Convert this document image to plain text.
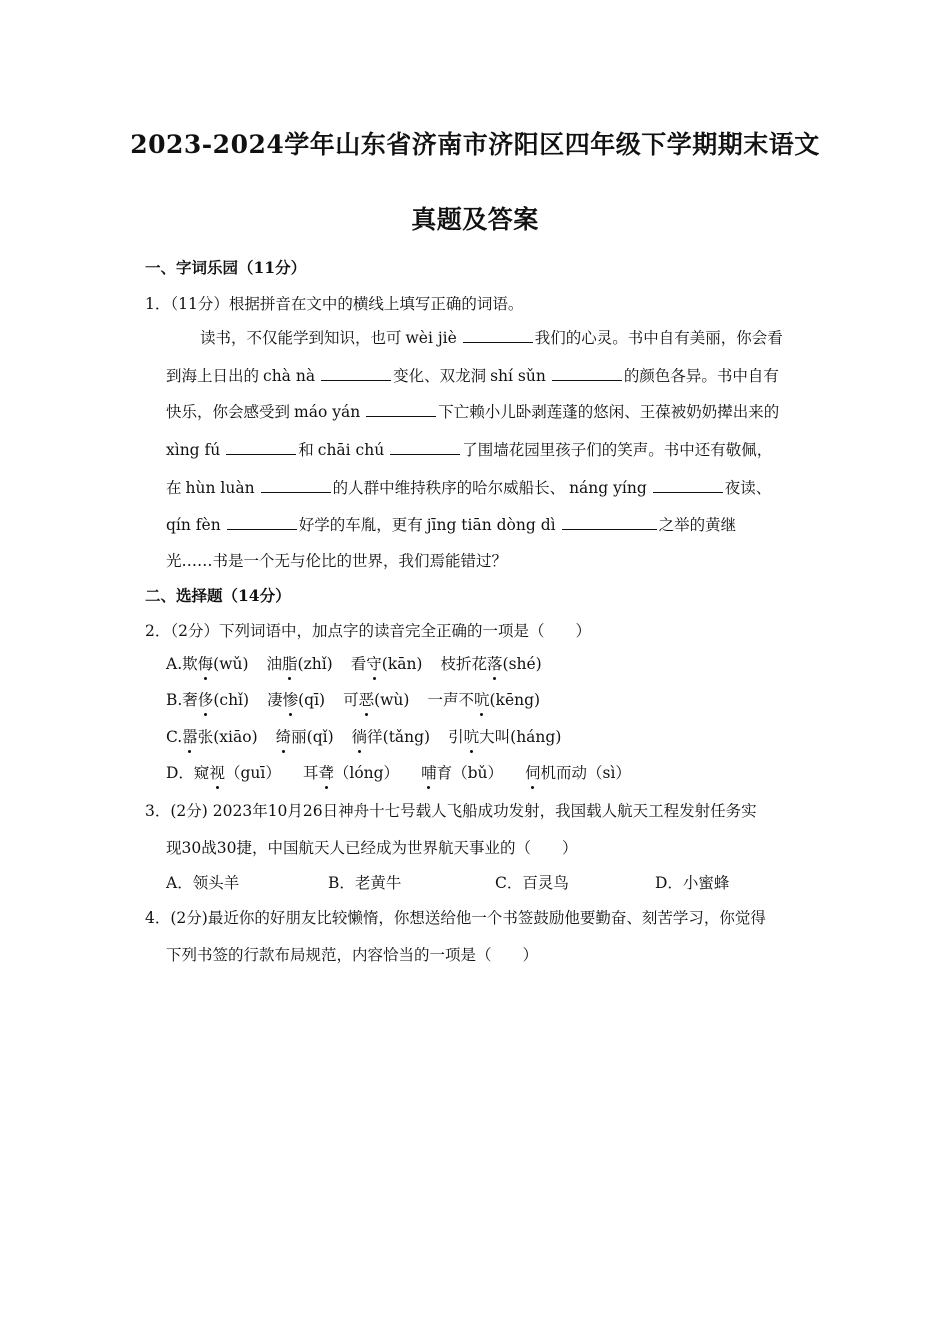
2023-2024学年山东省济南市济阳区四年级下学期期末语文
真题及答案
一、字词乐园（11分）
1．（11分）根据拼音在文中的横线上填写正确的词语。
读书，不仅能学到知识，也可 wèi jiè	我们的心灵。书中自有美丽，你会看
到海上日出的 chà nà	变化、双龙洞 shí sǔn	的颜色各异。书中自有
快乐，你会感受到 máo yán	下亡赖小儿卧剥莲蓬的悠闲、王葆被奶奶撵出来的
xìng fú	和 chāi chú	了围墙花园里孩子们的笑声。书中还有敬佩，
在 hùn luàn	的人群中维持秩序的哈尔威船长、 náng yíng	夜读、
qín fèn	好学的车胤，更有 jīng tiān dòng dì	之举的黄继
光……书是一个无与伦比的世界，我们焉能错过？
二、选择题（14分）
2．（2分）下列词语中，加点字的读音完全正确的一项是（　　）
A.欺侮(wǔ) 油脂(zhǐ) 看守(kān) 枝折花落(shé)
B.奢侈(chǐ) 凄惨(qī) 可恶(wù) 一声不吭(kēng)
C.嚣张(xiāo) 绮丽(qǐ) 徜徉(tǎng) 引吭大叫(háng)
D．窥视（guī） 耳聋（lóng） 哺育（bǔ） 伺机而动（sì）
3．(2分) 2023年10月26日神舟十七号载人飞船成功发射，我国载人航天工程发射任务实
现30战30捷，中国航天人已经成为世界航天事业的（　　）
A．领头羊	B．老黄牛	C．百灵鸟	D．小蜜蜂
4．(2分)最近你的好朋友比较懒惰，你想送给他一个书签鼓励他要勤奋、刻苦学习，你觉得
下列书签的行款布局规范，内容恰当的一项是（　　）
